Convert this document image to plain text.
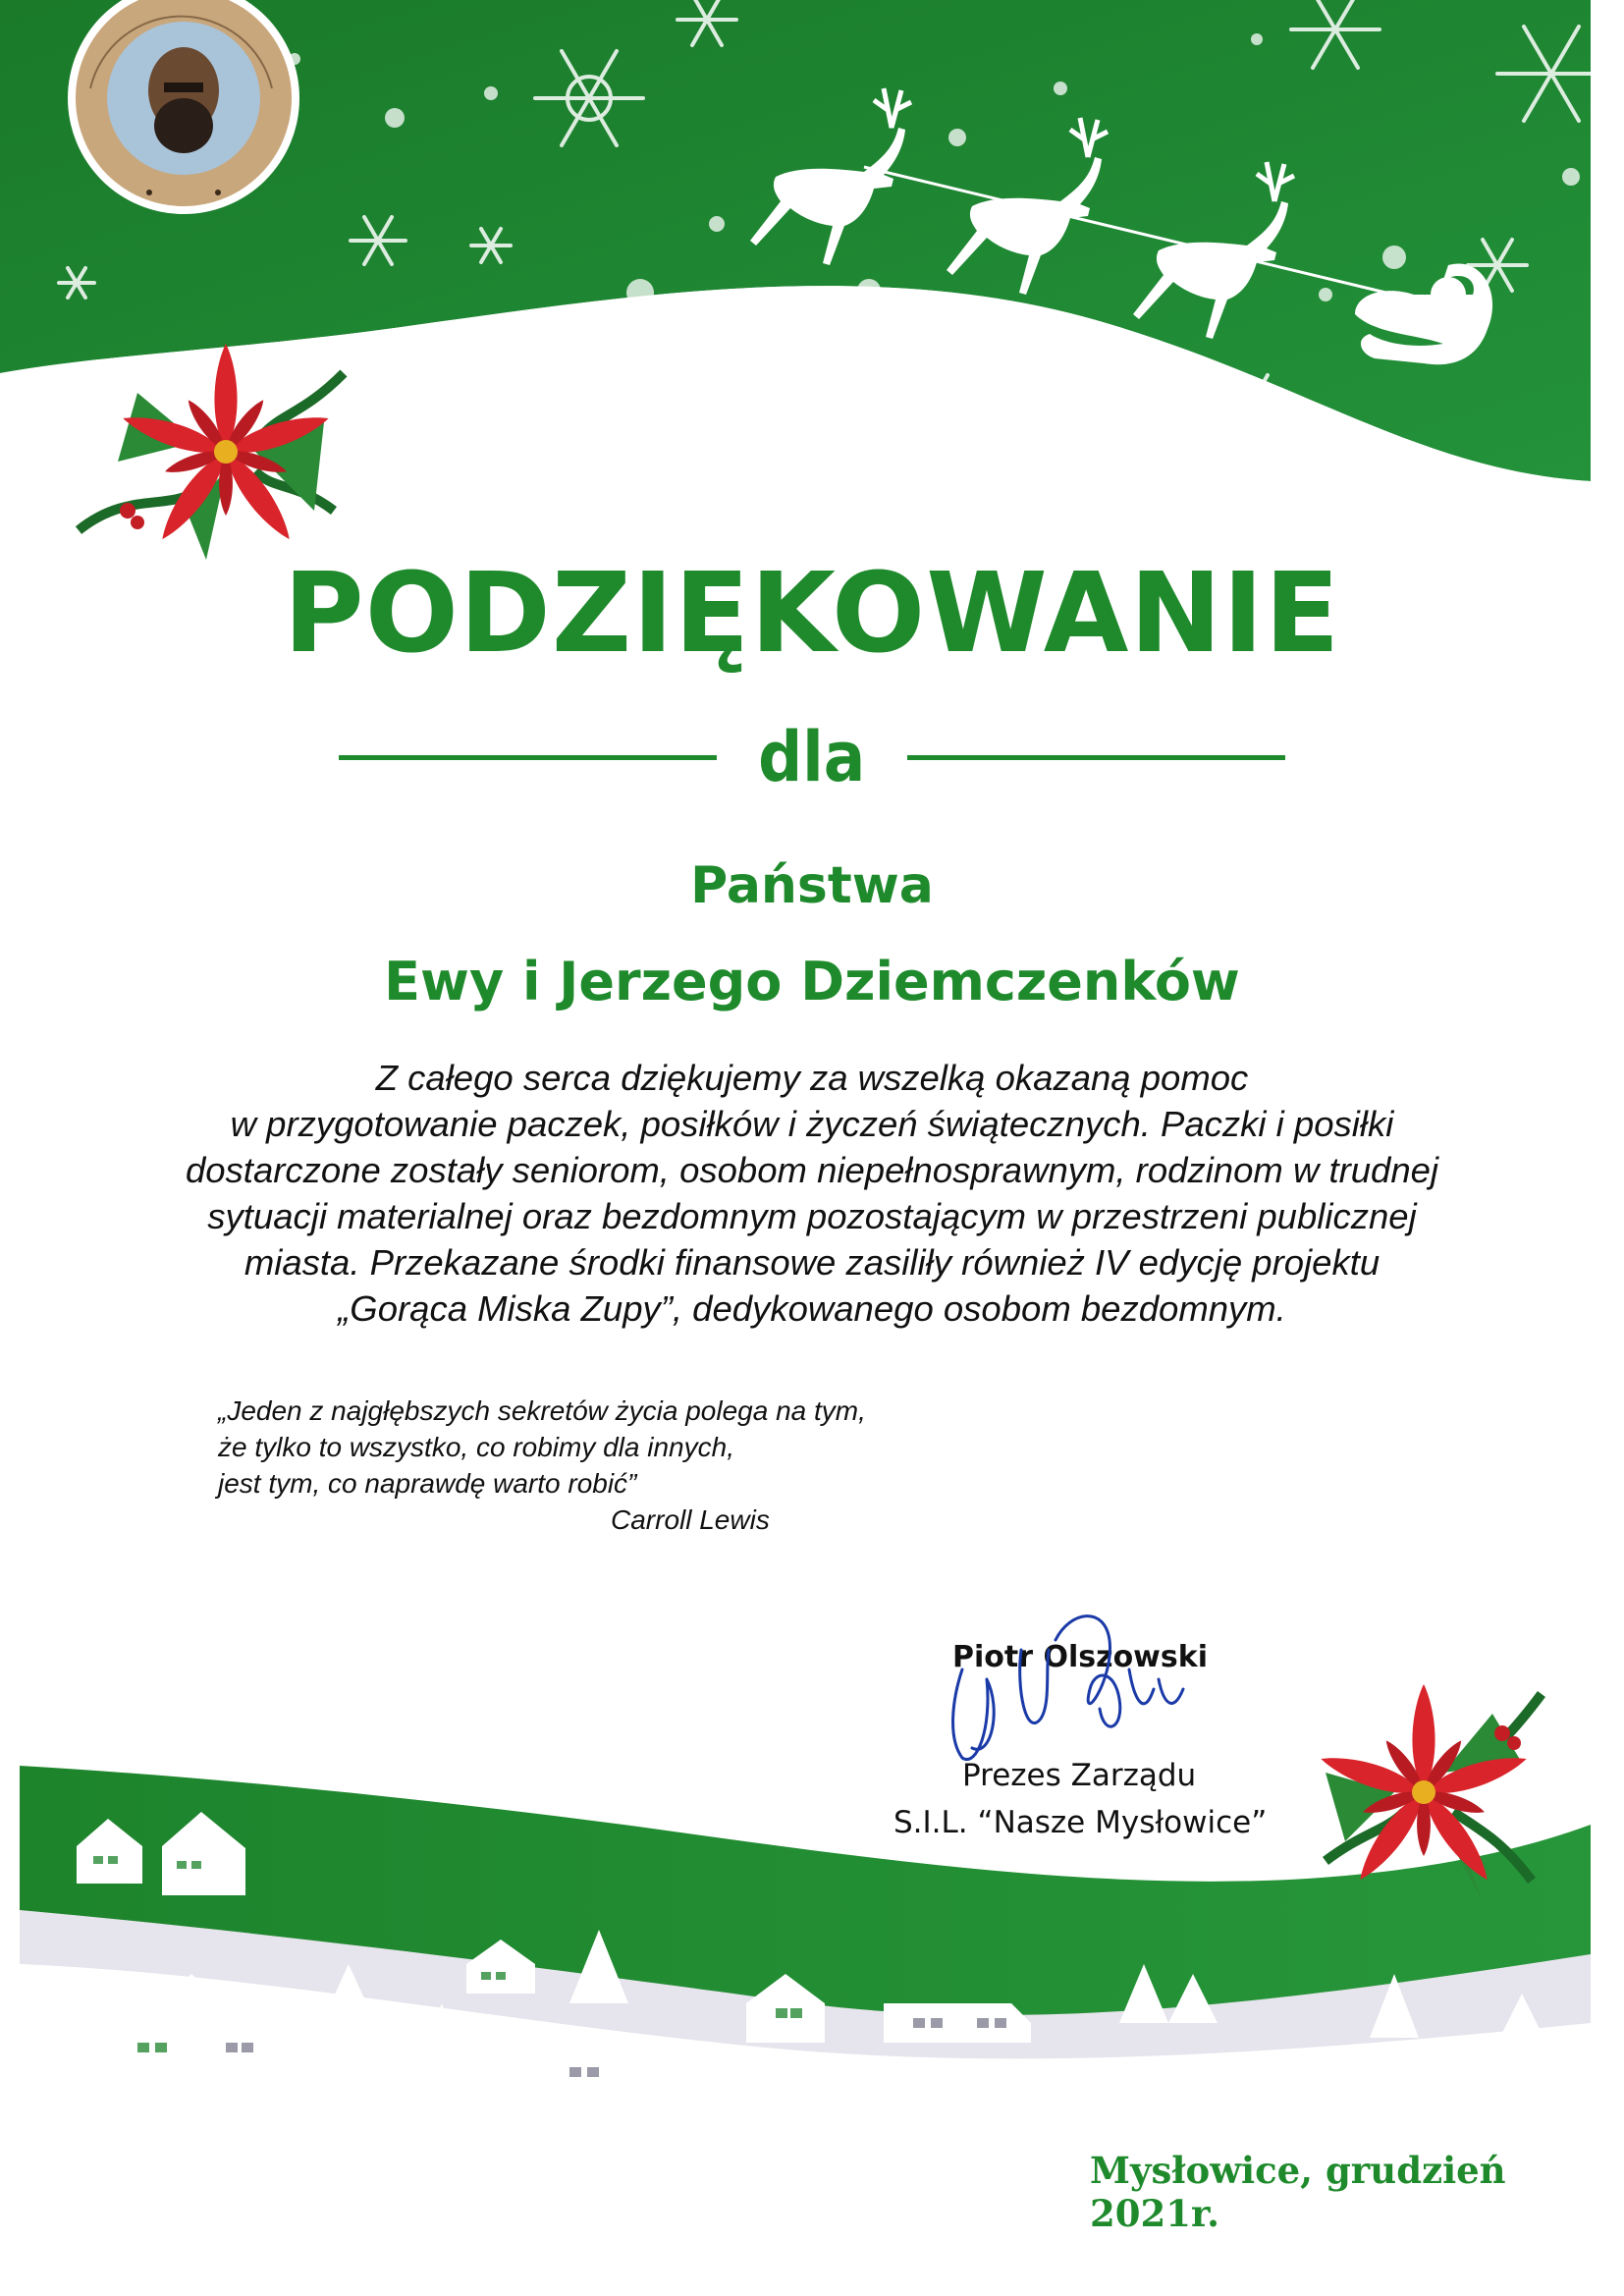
PODZIĘKOWANIE
dla
Państwa
Ewy i Jerzego Dziemczenków
Z całego serca dziękujemy za wszelką okazaną pomoc
w przygotowanie paczek, posiłków i życzeń świątecznych. Paczki i posiłki
dostarczone zostały seniorom, osobom niepełnosprawnym, rodzinom w trudnej
sytuacji materialnej oraz bezdomnym pozostającym w przestrzeni publicznej
miasta. Przekazane środki finansowe zasiliły również IV edycję projektu
„Gorąca Miska Zupy”, dedykowanego osobom bezdomnym.
„Jeden z najgłębszych sekretów życia polega na tym,
że tylko to wszystko, co robimy dla innych,
jest tym, co naprawdę warto robić”
Carroll Lewis
Piotr Olszowski
Prezes Zarządu
S.I.L. “Nasze Mysłowice”
Mysłowice, grudzień 2021r.
